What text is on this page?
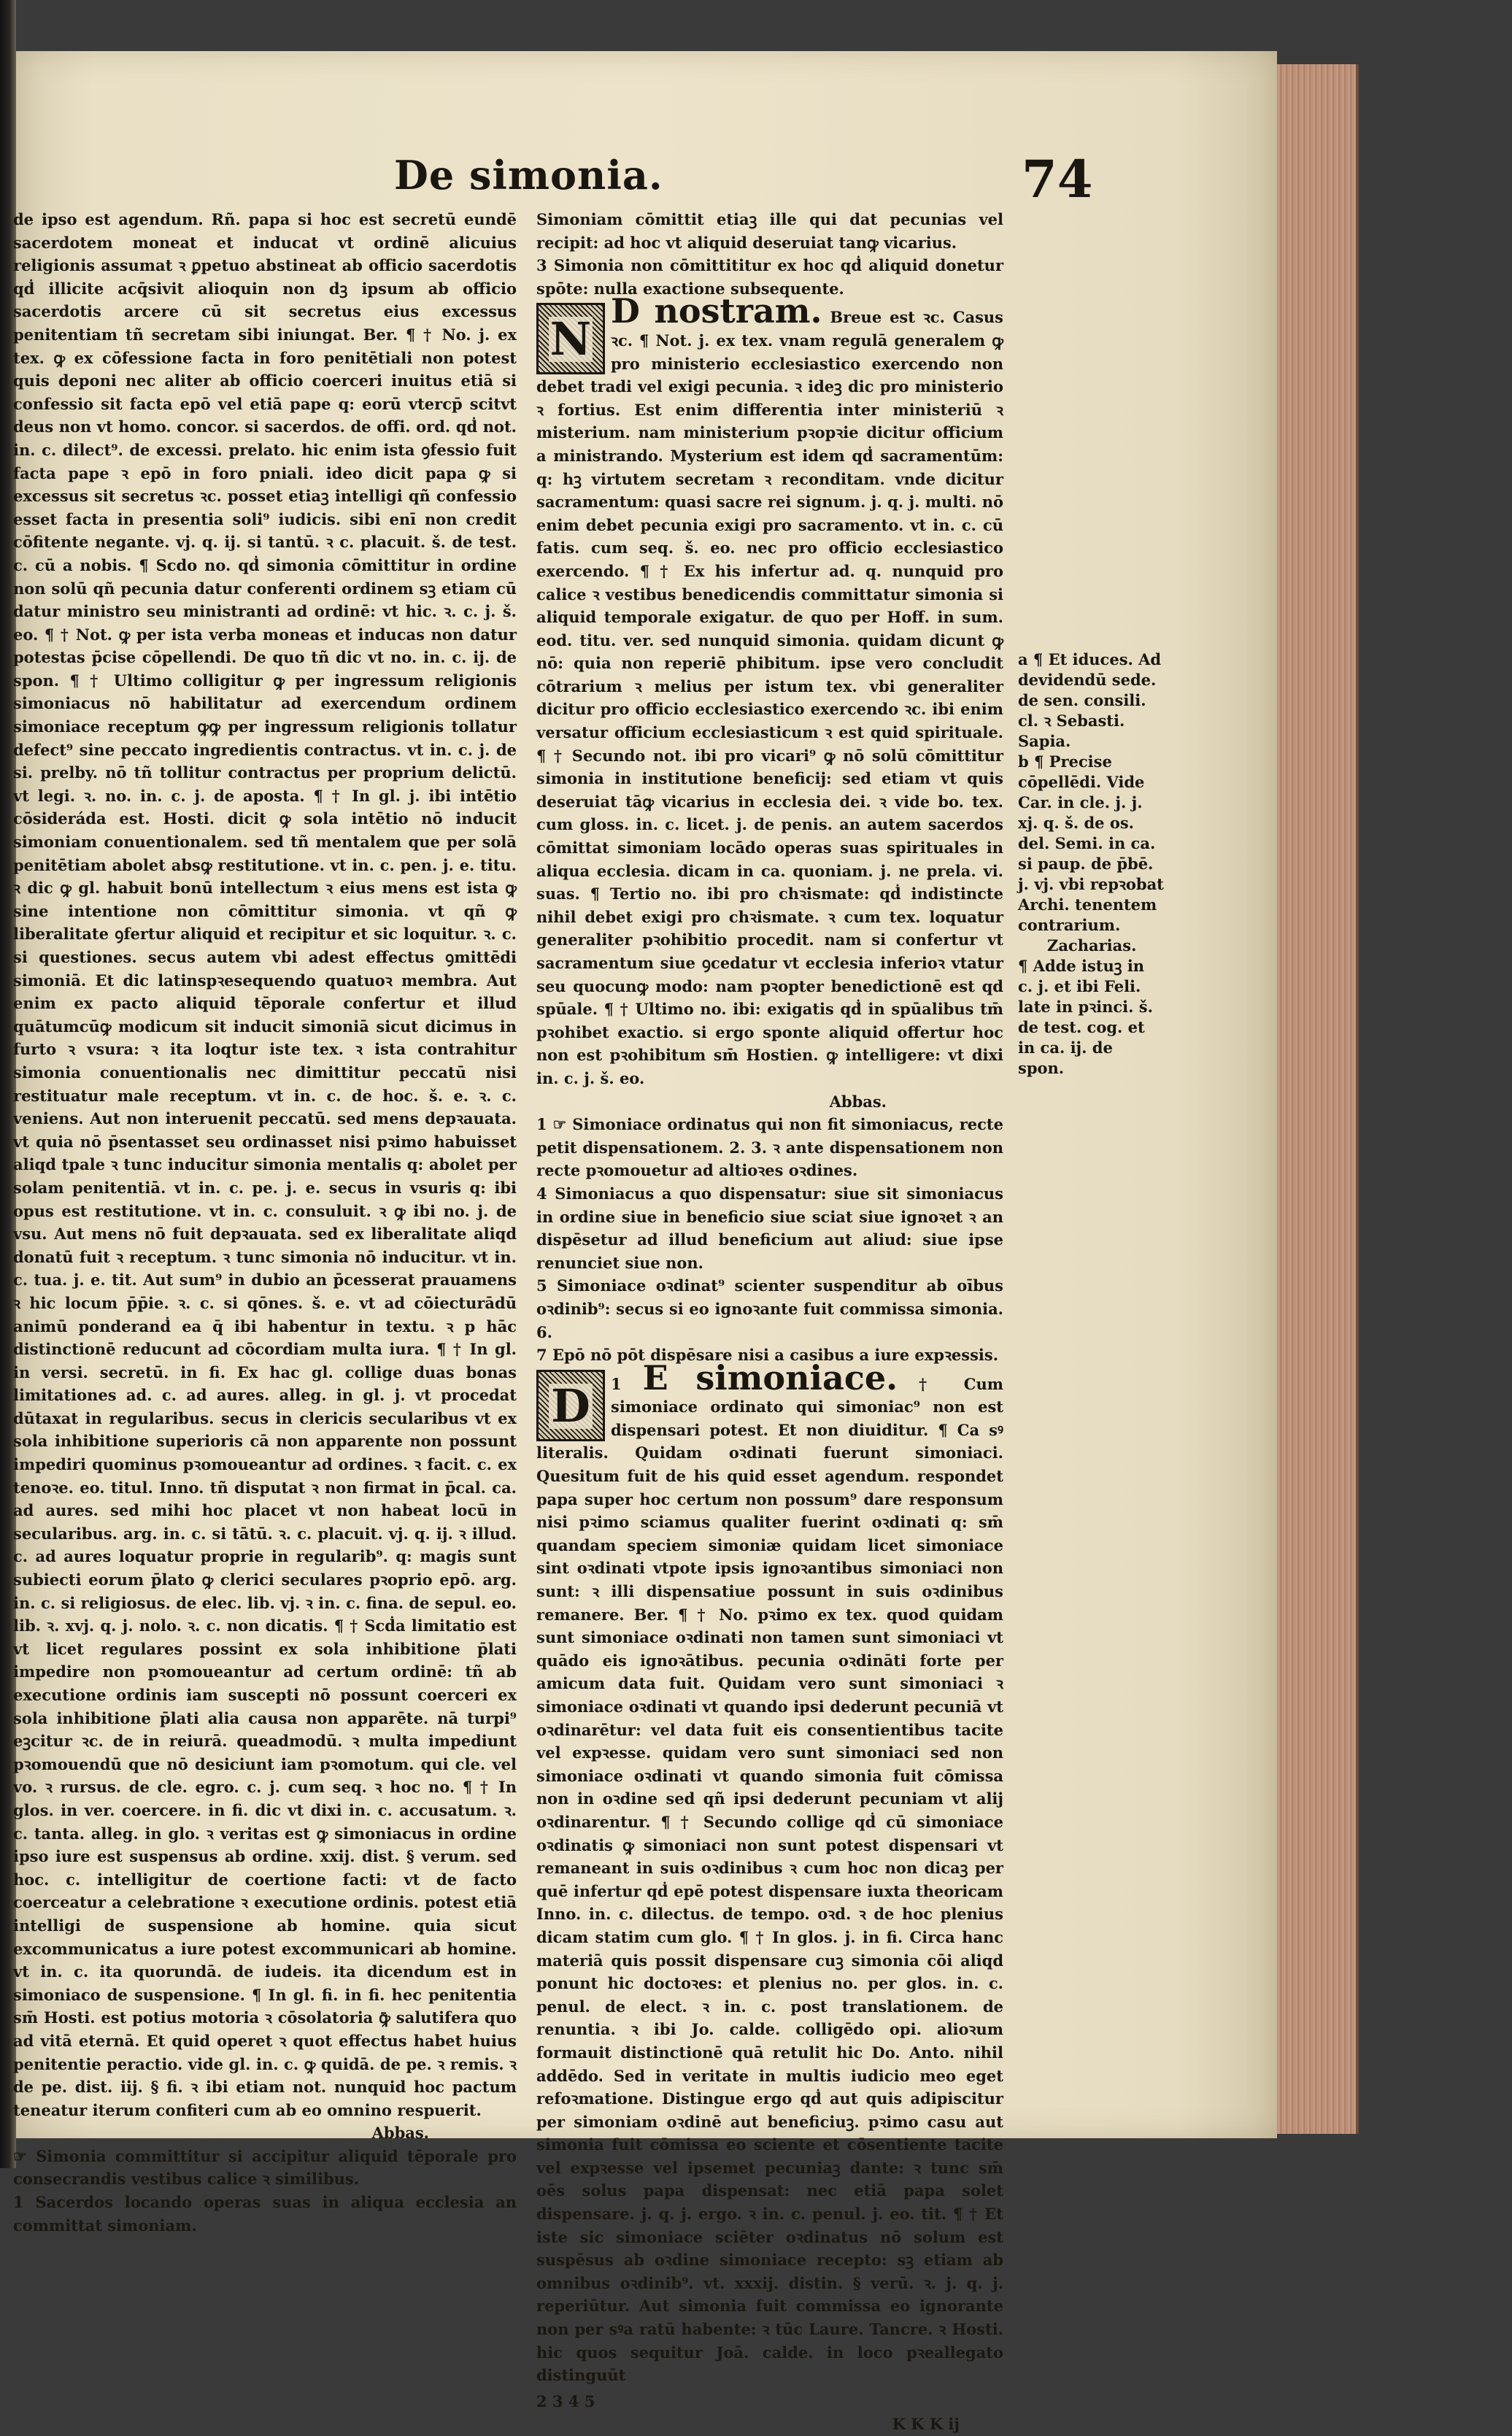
De simonia.	74
de ipso est agendum. Rñ. papa si hoc est secretū eundē sacerdotem moneat et inducat vt ordinē alicuius religionis assumat ꝛ ꝑpetuo abstineat ab officio sacerdotis qḋ illicite acq̄sivit alioquin non dꝫ ipsum ab officio sacerdotis arcere cū sit secretus eius excessus penitentiam tñ secretam sibi iniungat. Ber. ¶ † No. j. ex tex. ꝙ ex cōfessione facta in foro penitētiali non potest quis deponi nec aliter ab officio coerceri inuitus etiā si confessio sit facta epō vel etiā pape q: eorū vtercp̄ scitvt deus non vt homo. concor. si sacerdos. de offi. ord. qḋ not. in. c. dilect⁹. de excessi. prelato. hic enim ista ꝯfessio fuit facta pape ꝛ epō in foro pniali. ideo dicit papa ꝙ si excessus sit secretus ꝛc. posset etiaꝫ intelligi qñ confessio esset facta in presentia soli⁹ iudicis. sibi enī non credit cōfitente negante. vj. q. ij. si tantū. ꝛ c. placuit. š. de test. c. cū a nobis. ¶ Scdo no. qḋ simonia cōmittitur in ordine non solū qñ pecunia datur conferenti ordinem sꝫ etiam cū datur ministro seu ministranti ad ordinē: vt hic. ꝛ. c. j. š. eo. ¶ † Not. ꝙ per ista verba moneas et inducas non datur potestas p̄cise cōpellendi. De quo tñ dic vt no. in. c. ij. de spon. ¶ † Ultimo colligitur ꝙ per ingressum religionis simoniacus nō habilitatur ad exercendum ordinem simoniace receptum ꝙꝙ per ingressum religionis tollatur defect⁹ sine peccato ingredientis contractus. vt in. c. j. de si. prelby. nō tñ tollitur contractus per proprium delictū. vt legi. ꝛ. no. in. c. j. de aposta. ¶ † In gl. j. ibi intētio cōsideráda est. Hosti. dicit ꝙ sola intētio nō inducit simoniam conuentionalem. sed tñ mentalem que per solā penitētiam abolet absꝙ restitutione. vt in. c. pen. j. e. titu. ꝛ dic ꝙ gl. habuit bonū intellectum ꝛ eius mens est ista ꝙ sine intentione non cōmittitur simonia. vt qñ ꝙ liberalitate ꝯfertur aliquid et recipitur et sic loquitur. ꝛ. c. si questiones. secus autem vbi adest effectus ꝯmittēdi simoniā. Et dic latinspꝛesequendo quatuoꝛ membra. Aut enim ex pacto aliquid tēporale confertur et illud quātumcūꝙ modicum sit inducit simoniā sicut dicimus in furto ꝛ vsura: ꝛ ita loqtur iste tex. ꝛ ista contrahitur simonia conuentionalis nec dimittitur peccatū nisi restituatur male receptum. vt in. c. de hoc. š. e. ꝛ. c. veniens. Aut non interuenit peccatū. sed mens depꝛauata. vt quia nō p̄sentasset seu ordinasset nisi pꝛimo habuisset aliqd tpale ꝛ tunc inducitur simonia mentalis q: abolet per solam penitentiā. vt in. c. pe. j. e. secus in vsuris q: ibi opus est restitutione. vt in. c. consuluit. ꝛ ꝙ ibi no. j. de vsu. Aut mens nō fuit depꝛauata. sed ex liberalitate aliqd donatū fuit ꝛ receptum. ꝛ tunc simonia nō inducitur. vt in. c. tua. j. e. tit. Aut sum⁹ in dubio an p̄cesserat prauamens ꝛ hic locum p̄p̄ie. ꝛ. c. si qōnes. š. e. vt ad cōiecturādū animū ponderanḋ ea q̄ ibi habentur in textu. ꝛ p hāc distinctionē reducunt ad cōcordiam multa iura. ¶ † In gl. in versi. secretū. in fi. Ex hac gl. collige duas bonas limitationes ad. c. ad aures. alleg. in gl. j. vt procedat dūtaxat in regularibus. secus in clericis secularibus vt ex sola inhibitione superioris cā non apparente non possunt impediri quominus pꝛomoueantur ad ordines. ꝛ facit. c. ex tenoꝛe. eo. titul. Inno. tñ disputat ꝛ non firmat in p̄cal. ca. ad aures. sed mihi hoc placet vt non habeat locū in secularibus. arg. in. c. si tātū. ꝛ. c. placuit. vj. q. ij. ꝛ illud. c. ad aures loquatur proprie in regularib⁹. q: magis sunt subiecti eorum p̄lato ꝙ clerici seculares pꝛoprio epō. arg. in. c. si religiosus. de elec. lib. vj. ꝛ in. c. fina. de sepul. eo. lib. ꝛ. xvj. q. j. nolo. ꝛ. c. non dicatis. ¶ † Scḋa limitatio est vt licet regulares possint ex sola inhibitione p̄lati impedire non pꝛomoueantur ad certum ordinē: tñ ab executione ordinis iam suscepti nō possunt coerceri ex sola inhibitione p̄lati alia causa non apparēte. nā turpi⁹ eꝫcitur ꝛc. de in reiurā. queadmodū. ꝛ multa impediunt pꝛomouendū que nō desiciunt iam pꝛomotum. qui cle. vel vo. ꝛ rursus. de cle. egro. c. j. cum seq. ꝛ hoc no. ¶ † In glos. in ver. coercere. in fi. dic vt dixi in. c. accusatum. ꝛ. c. tanta. alleg. in glo. ꝛ veritas est ꝙ simoniacus in ordine ipso iure est suspensus ab ordine. xxij. dist. § verum. sed hoc. c. intelligitur de coertione facti: vt de facto coerceatur a celebratione ꝛ executione ordinis. potest etiā intelligi de suspensione ab homine. quia sicut excommunicatus a iure potest excommunicari ab homine. vt in. c. ita quorundā. de iudeis. ita dicendum est in simoniaco de suspensione. ¶ In gl. fi. in fi. hec penitentia sm̄ Hosti. est potius motoria ꝛ cōsolatoria ꝙ̄ salutifera quo ad vitā eternā. Et quid operet ꝛ quot effectus habet huius penitentie peractio. vide gl. in. c. ꝙ quidā. de pe. ꝛ remis. ꝛ de pe. dist. iij. § fi. ꝛ ibi etiam not. nunquid hoc pactum teneatur iterum confiteri cum ab eo omnino respuerit.
Abbas.
☞ Simonia committitur si accipitur aliquid tēporale pro consecrandis vestibus calice ꝛ similibus.
1 Sacerdos locando operas suas in aliqua ecclesia an committat simoniam.
Simoniam cōmittit etiaꝫ ille qui dat pecunias vel recipit: ad hoc vt aliquid deseruiat tanꝙ vicarius.
3 Simonia non cōmittititur ex hoc qḋ aliquid donetur spōte: nulla exactione subsequente.
N
D nostram. Breue est ꝛc. Casus ꝛc. ¶ Not. j. ex tex. vnam regulā generalem ꝙ pro ministerio ecclesiastico exercendo non debet tradi vel exigi pecunia. ꝛ ideꝫ dic pro ministerio ꝛ fortius. Est enim differentia inter ministeriū ꝛ misterium. nam ministerium pꝛopꝛie dicitur officium a ministrando. Mysterium est idem qḋ sacramentūm: q: hꝫ virtutem secretam ꝛ reconditam. vnde dicitur sacramentum: quasi sacre rei signum. j. q. j. multi. nō enim debet pecunia exigi pro sacramento. vt in. c. cū fatis. cum seq. š. eo. nec pro officio ecclesiastico exercendo. ¶ † Ex his infertur ad. q. nunquid pro calice ꝛ vestibus benedicendis committatur simonia si aliquid temporale exigatur. de quo per Hoff. in sum. eod. titu. ver. sed nunquid simonia. quidam dicunt ꝙ nō: quia non reperiē phibitum. ipse vero concludit cōtrarium ꝛ melius per istum tex. vbi generaliter dicitur pro officio ecclesiastico exercendo ꝛc. ibi enim versatur officium ecclesiasticum ꝛ est quid spirituale. ¶ † Secundo not. ibi pro vicari⁹ ꝙ nō solū cōmittitur simonia in institutione beneficij: sed etiam vt quis deseruiat tāꝙ vicarius in ecclesia dei. ꝛ vide bo. tex. cum gloss. in. c. licet. j. de penis. an autem sacerdos cōmittat simoniam locādo operas suas spirituales in aliqua ecclesia. dicam in ca. quoniam. j. ne prela. vi. suas. ¶ Tertio no. ibi pro chꝛismate: qḋ indistincte nihil debet exigi pro chꝛismate. ꝛ cum tex. loquatur generaliter pꝛohibitio procedit. nam si confertur vt sacramentum siue ꝯcedatur vt ecclesia inferioꝛ vtatur seu quocunꝙ modo: nam pꝛopter benedictionē est qd spūale. ¶ † Ultimo no. ibi: exigatis qḋ in spūalibus tm̄ pꝛohibet exactio. si ergo sponte aliquid offertur hoc non est pꝛohibitum sm̄ Hostien. ꝙ intelligere: vt dixi in. c. j. š. eo.
Abbas.
1 ☞ Simoniace ordinatus qui non fit simoniacus, recte petit dispensationem. 2. 3. ꝛ ante dispensationem non recte pꝛomouetur ad altioꝛes oꝛdines.
4 Simoniacus a quo dispensatur: siue sit simoniacus in ordine siue in beneficio siue sciat siue ignoꝛet ꝛ an dispēsetur ad illud beneficium aut aliud: siue ipse renunciet siue non.
5 Simoniace oꝛdinat⁹ scienter suspenditur ab oībus oꝛdinib⁹: secus si eo ignoꝛante fuit commissa simonia. 6.
7 Epō nō pōt dispēsare nisi a casibus a iure expꝛessis.
1
D
E simoniace. † Cum simoniace ordinato qui simoniac⁹ non est dispensari potest. Et non diuiditur. ¶ Ca sꝰ literalis. Quidam oꝛdinati fuerunt simoniaci. Quesitum fuit de his quid esset agendum. respondet papa super hoc certum non possum⁹ dare responsum nisi pꝛimo sciamus qualiter fuerint oꝛdinati q: sm̄ quandam speciem simoniæ quidam licet simoniace sint oꝛdinati vtpote ipsis ignoꝛantibus simoniaci non sunt: ꝛ illi dispensatiue possunt in suis oꝛdinibus remanere. Ber. ¶ † No. pꝛimo ex tex. quod quidam sunt simoniace oꝛdinati non tamen sunt simoniaci vt quādo eis ignoꝛātibus. pecunia oꝛdināti forte per amicum data fuit. Quidam vero sunt simoniaci ꝛ simoniace oꝛdinati vt quando ipsi dederunt pecuniā vt oꝛdinarētur: vel data fuit eis consentientibus tacite vel expꝛesse. quidam vero sunt simoniaci sed non simoniace oꝛdinati vt quando simonia fuit cōmissa non in oꝛdine sed qñ ipsi dederunt pecuniam vt alij oꝛdinarentur. ¶ † Secundo collige qḋ cū simoniace oꝛdinatis ꝙ simoniaci non sunt potest dispensari vt remaneant in suis oꝛdinibus ꝛ cum hoc non dicaꝫ per quē infertur qḋ epē potest dispensare iuxta theoricam Inno. in. c. dilectus. de tempo. oꝛd. ꝛ de hoc plenius dicam statim cum glo. ¶ † In glos. j. in fi. Circa hanc materiā quis possit dispensare cuꝫ simonia cōi aliqd ponunt hic doctoꝛes: et plenius no. per glos. in. c. penul. de elect. ꝛ in. c. post translationem. de renuntia. ꝛ ibi Jo. calde. colligēdo opi. alioꝛum formauit distinctionē quā retulit hic Do. Anto. nihil addēdo. Sed in veritate in multis iudicio meo eget refoꝛmatione. Distingue ergo qḋ aut quis adipiscitur per simoniam oꝛdinē aut beneficiuꝫ. pꝛimo casu aut simonia fuit cōmissa eo sciente et cōsentiente tacite vel expꝛesse vel ipsemet pecuniaꝫ dante: ꝛ tunc sm̄ oēs solus papa dispensat: nec etiā papa solet dispensare. j. q. j. ergo. ꝛ in. c. penul. j. eo. tit. ¶ † Et iste sic simoniace sciēter oꝛdinatus nō solum est suspēsus ab oꝛdine simoniace recepto: sꝫ etiam ab omnibus oꝛdinib⁹. vt. xxxij. distin. § verū. ꝛ. j. q. j. reperiūtur. Aut simonia fuit commissa eo ignorante non per sꝰa ratū habente: ꝛ tūc Laure. Tancre. ꝛ Hosti. hic quos sequitur Joā. calde. in loco pꝛeallegato distinguūt
2 3 4 5
K K K ij
a ¶ Et iduces. Ad devidendū sede. de sen. consili. cl. ꝛ Sebasti. Sapia.
b ¶ Precise cōpellēdi. Vide Car. in cle. j. j. xj. q. š. de os. del. Semi. in ca. si paup. de p̄bē. j. vj. vbi repꝛobat Archi. tenentem contrarium.
Zacharias.
¶ Adde istuꝫ in c. j. et ibi Feli. late in pꝛinci. š. de test. cog. et in ca. ij. de spon.
